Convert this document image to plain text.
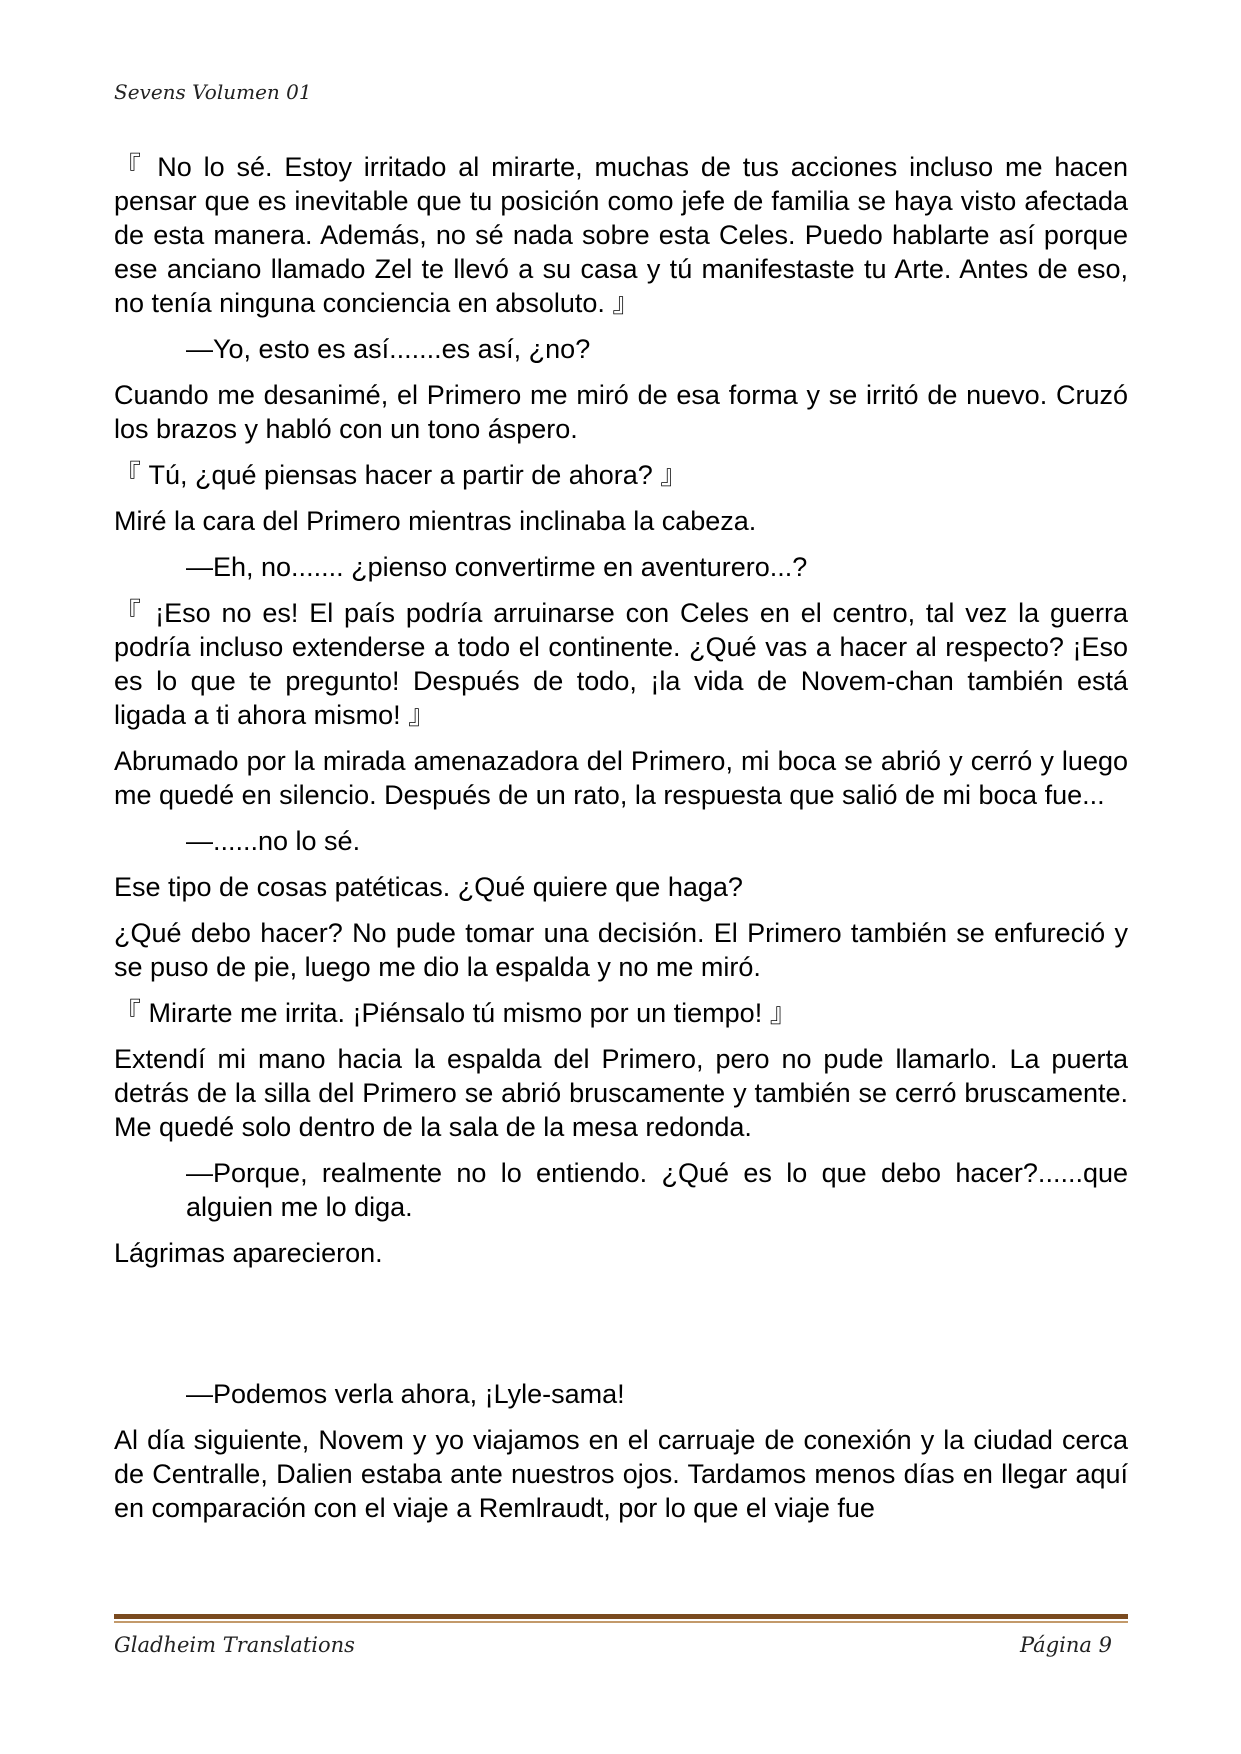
Sevens Volumen 01

『 No lo sé. Estoy irritado al mirarte, muchas de tus acciones incluso me hacen pensar que es inevitable que tu posición como jefe de familia se haya visto afectada de esta manera. Además, no sé nada sobre esta Celes. Puedo hablarte así porque ese anciano llamado Zel te llevó a su casa y tú manifestaste tu Arte. Antes de eso, no tenía ninguna conciencia en absoluto. 』

—Yo, esto es así.......es así, ¿no?

Cuando me desanimé, el Primero me miró de esa forma y se irritó de nuevo. Cruzó los brazos y habló con un tono áspero.

『 Tú, ¿qué piensas hacer a partir de ahora? 』

Miré la cara del Primero mientras inclinaba la cabeza.

—Eh, no....... ¿pienso convertirme en aventurero...?

『 ¡Eso no es! El país podría arruinarse con Celes en el centro, tal vez la guerra podría incluso extenderse a todo el continente. ¿Qué vas a hacer al respecto? ¡Eso es lo que te pregunto! Después de todo, ¡la vida de Novem-chan también está ligada a ti ahora mismo! 』

Abrumado por la mirada amenazadora del Primero, mi boca se abrió y cerró y luego me quedé en silencio. Después de un rato, la respuesta que salió de mi boca fue...

—......no lo sé.

Ese tipo de cosas patéticas. ¿Qué quiere que haga?

¿Qué debo hacer? No pude tomar una decisión. El Primero también se enfureció y se puso de pie, luego me dio la espalda y no me miró.

『 Mirarte me irrita. ¡Piénsalo tú mismo por un tiempo! 』

Extendí mi mano hacia la espalda del Primero, pero no pude llamarlo. La puerta detrás de la silla del Primero se abrió bruscamente y también se cerró bruscamente. Me quedé solo dentro de la sala de la mesa redonda.

—Porque, realmente no lo entiendo. ¿Qué es lo que debo hacer?......que alguien me lo diga.

Lágrimas aparecieron.

—Podemos verla ahora, ¡Lyle-sama!

Al día siguiente, Novem y yo viajamos en el carruaje de conexión y la ciudad cerca de Centralle, Dalien estaba ante nuestros ojos. Tardamos menos días en llegar aquí en comparación con el viaje a Remlraudt, por lo que el viaje fue

Gladheim Translations	Página 9
